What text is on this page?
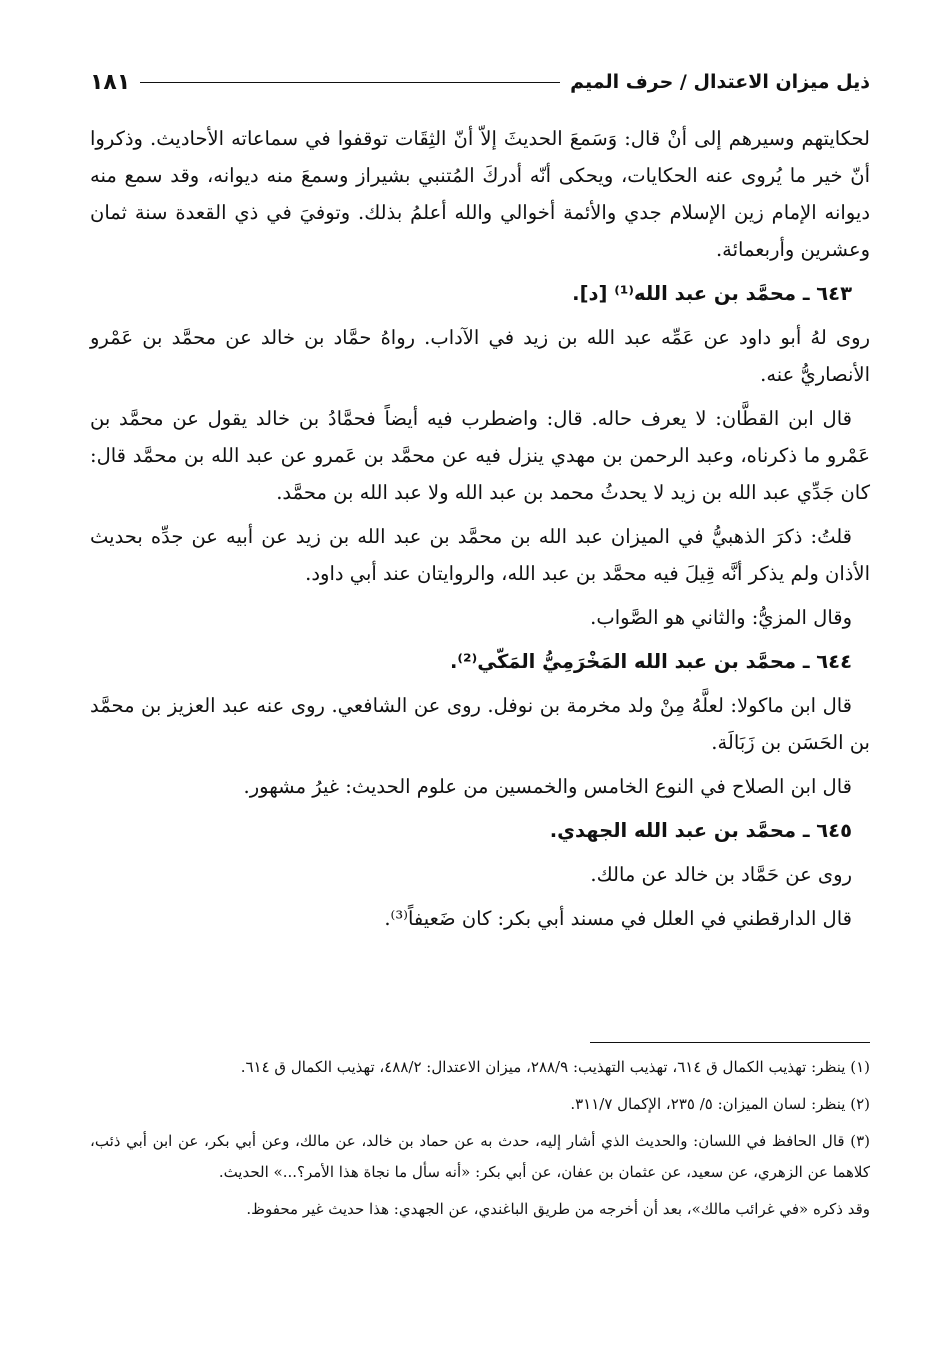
ذيل ميزان الاعتدال / حرف الميم
١٨١

لحكايتهم وسيرهم إلى أنْ قال: وَسَمعَ الحديثَ إلاّ أنّ الثِقَات توقفوا في سماعاته الأحاديث. وذكروا أنّ خير ما يُروى عنه الحكايات، ويحكى أنّه أدركَ المُتنبي بشيراز وسمعَ منه ديوانه، وقد سمع منه ديوانه الإمام زين الإسلام جدي والأئمة أخوالي والله أعلمُ بذلك. وتوفيَ في ذي القعدة سنة ثمان وعشرين وأربعمائة.

٦٤٣ ـ محمَّد بن عبد الله⁽¹⁾ [د].

روى لهُ أبو داود عن عَمِّه عبد الله بن زيد في الآداب. رواهُ حمَّاد بن خالد عن محمَّد بن عَمْرو الأنصاريُّ عنه.

قال ابن القطَّان: لا يعرف حاله. قال: واضطرب فيه أيضاً فحمَّادُ بن خالد يقول عن محمَّد بن عَمْرو ما ذكرناه، وعبد الرحمن بن مهدي ينزل فيه عن محمَّد بن عَمرو عن عبد الله بن محمَّد قال: كان جَدِّي عبد الله بن زيد لا يحدثُ محمد بن عبد الله ولا عبد الله بن محمَّد.

قلتُ: ذكرَ الذهبيُّ في الميزان عبد الله بن محمَّد بن عبد الله بن زيد عن أبيه عن جدِّه بحديث الأذان ولم يذكر أنَّه قِيلَ فيه محمَّد بن عبد الله، والروايتان عند أبي داود.

وقال المزيُّ: والثاني هو الصَّواب.

٦٤٤ ـ محمَّد بن عبد الله المَخْرَمِيُّ المَكّي⁽²⁾.

قال ابن ماكولا: لعلَّهُ مِنْ ولد مخرمة بن نوفل. روى عن الشافعي. روى عنه عبد العزيز بن محمَّد بن الحَسَن بن زَبَالَة.

قال ابن الصلاح في النوع الخامس والخمسين من علوم الحديث: غيرُ مشهور.

٦٤٥ ـ محمَّد بن عبد الله الجهدي.

روى عن حَمَّاد بن خالد عن مالك.

قال الدارقطني في العلل في مسند أبي بكر: كان ضَعيفاً⁽³⁾.

(١) ينظر: تهذيب الكمال ق ٦١٤، تهذيب التهذيب: ٢٨٨/٩، ميزان الاعتدال: ٤٨٨/٢، تهذيب الكمال ق ٦١٤.

(٢) ينظر: لسان الميزان: ٥/ ٢٣٥، الإكمال ٣١١/٧.

(٣) قال الحافظ في اللسان: والحديث الذي أشار إليه، حدث به عن حماد بن خالد، عن مالك، وعن أبي بكر، عن ابن أبي ذئب، كلاهما عن الزهري، عن سعيد، عن عثمان بن عفان، عن أبي بكر: «أنه سأل ما نجاة هذا الأمر؟...» الحديث.

وقد ذكره «في غرائب مالك»، بعد أن أخرجه من طريق الباغندي، عن الجهدي: هذا حديث غير محفوظ.
